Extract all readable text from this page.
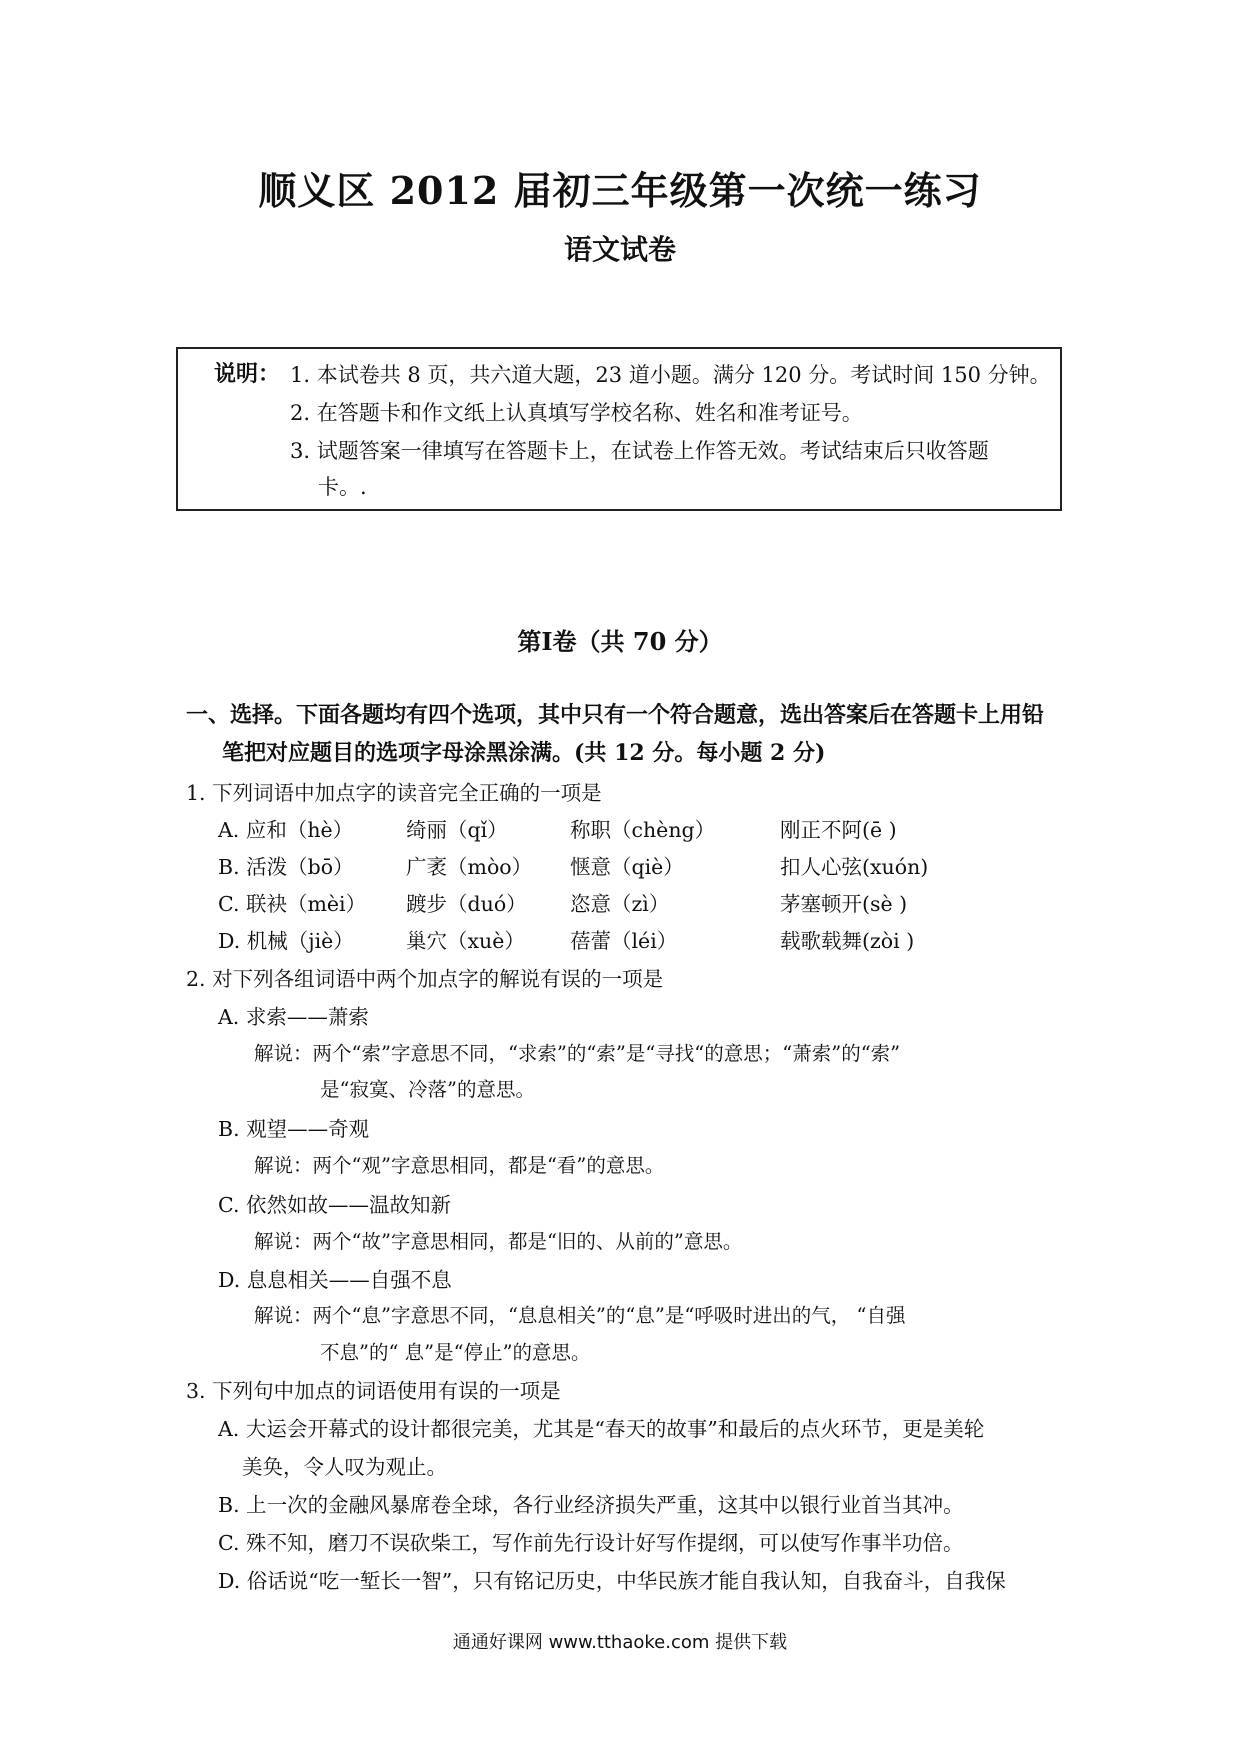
顺义区 2012 届初三年级第一次统一练习
语文试卷
说明： 1. 本试卷共 8 页，共六道大题，23 道小题。满分 120 分。考试时间 150 分钟。
2. 在答题卡和作文纸上认真填写学校名称、姓名和准考证号。
3. 试题答案一律填写在答题卡上，在试卷上作答无效。考试结束后只收答题
卡。.
第Ⅰ卷（共 70 分）
一、选择。下面各题均有四个选项，其中只有一个符合题意，选出答案后在答题卡上用铅
笔把对应题目的选项字母涂黑涂满。(共 12 分。每小题 2 分)
1. 下列词语中加点字的读音完全正确的一项是
A. 应和（hè）	绮丽（qǐ）	称职（chèng）	刚正不阿(ē )
B. 活泼（bō）	广袤（mòo） 惬意（qiè）	扣人心弦(xuón)
C. 联袂（mèi） 踱步（duó） 恣意（zì）	茅塞顿开(sè )
D. 机械（jiè）	巢穴（xuè） 蓓蕾（léi）	载歌载舞(zòi )
2. 对下列各组词语中两个加点字的解说有误的一项是
A. 求索——萧索
解说：两个“索”字意思不同，“求索”的“索”是“寻找“的意思；“萧索”的“索”
是“寂寞、冷落”的意思。
B. 观望——奇观
解说：两个“观”字意思相同，都是“看”的意思。
C. 依然如故——温故知新
解说：两个“故”字意思相同，都是“旧的、从前的”意思。
D. 息息相关——自强不息
解说：两个“息”字意思不同，“息息相关”的“息”是“呼吸时进出的气， “自强
不息”的“ 息”是“停止”的意思。
3. 下列句中加点的词语使用有误的一项是
A. 大运会开幕式的设计都很完美，尤其是“春天的故事”和最后的点火环节，更是美轮
美奂，令人叹为观止。
B. 上一次的金融风暴席卷全球，各行业经济损失严重，这其中以银行业首当其冲。
C. 殊不知，磨刀不误砍柴工，写作前先行设计好写作提纲，可以使写作事半功倍。
D. 俗话说“吃一堑长一智”，只有铭记历史，中华民族才能自我认知，自我奋斗，自我保
通通好课网 www.tthaoke.com 提供下载
